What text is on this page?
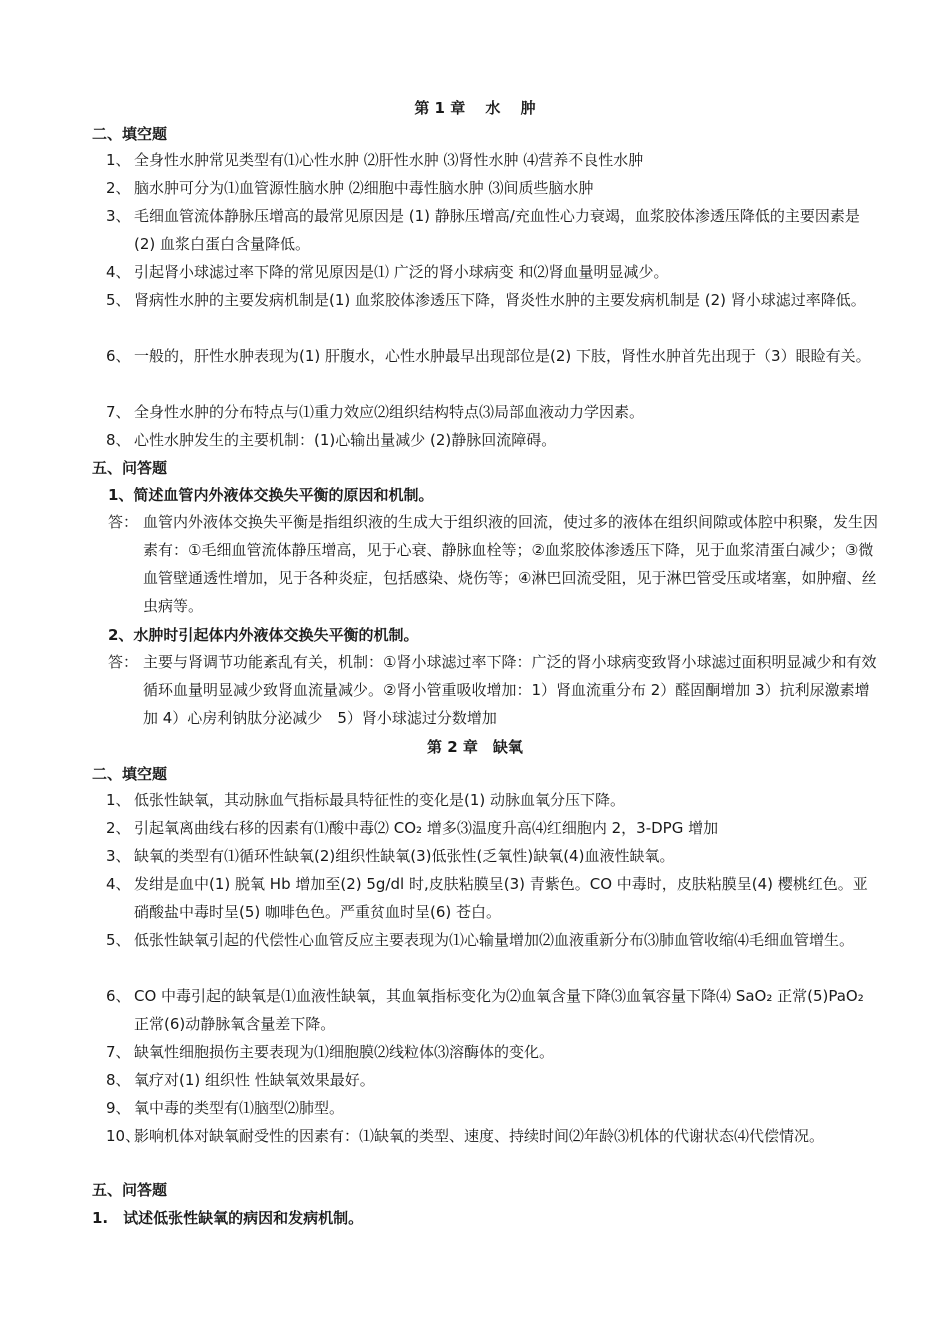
第 1 章　 水　 肿
二、填空题
1、 全身性水肿常见类型有⑴心性水肿 ⑵肝性水肿 ⑶肾性水肿 ⑷营养不良性水肿
2、 脑水肿可分为⑴血管源性脑水肿 ⑵细胞中毒性脑水肿 ⑶间质些脑水肿
3、 毛细血管流体静脉压增高的最常见原因是 (1) 静脉压增高/充血性心力衰竭，血浆胶体渗透压降低的主要因素是(2) 血浆白蛋白含量降低。
4、 引起肾小球滤过率下降的常见原因是⑴ 广泛的肾小球病变 和⑵肾血量明显减少。
5、 肾病性水肿的主要发病机制是(1) 血浆胶体渗透压下降，肾炎性水肿的主要发病机制是 (2) 肾小球滤过率降低。
6、 一般的，肝性水肿表现为(1) 肝腹水，心性水肿最早出现部位是(2) 下肢，肾性水肿首先出现于（3）眼睑有关。
7、 全身性水肿的分布特点与⑴重力效应⑵组织结构特点⑶局部血液动力学因素。
8、 心性水肿发生的主要机制：(1)心输出量减少 (2)静脉回流障碍。
五、问答题
1、简述血管内外液体交换失平衡的原因和机制。
答： 血管内外液体交换失平衡是指组织液的生成大于组织液的回流，使过多的液体在组织间隙或体腔中积聚，发生因素有：①毛细血管流体静压增高，见于心衰、静脉血栓等；②血浆胶体渗透压下降，见于血浆清蛋白减少；③微血管壁通透性增加，见于各种炎症，包括感染、烧伤等；④淋巴回流受阻，见于淋巴管受压或堵塞，如肿瘤、丝虫病等。
2、水肿时引起体内外液体交换失平衡的机制。
答： 主要与肾调节功能紊乱有关，机制：①肾小球滤过率下降：广泛的肾小球病变致肾小球滤过面积明显减少和有效循环血量明显减少致肾血流量减少。②肾小管重吸收增加：1）肾血流重分布 2）醛固酮增加 3）抗利尿激素增加 4）心房利钠肽分泌减少　5）肾小球滤过分数增加
第 2 章　缺氧
二、填空题
1、 低张性缺氧，其动脉血气指标最具特征性的变化是(1) 动脉血氧分压下降。
2、 引起氧离曲线右移的因素有⑴酸中毒⑵ CO₂ 增多⑶温度升高⑷红细胞内 2，3-DPG 增加
3、 缺氧的类型有⑴循环性缺氧(2)组织性缺氧(3)低张性(乏氧性)缺氧(4)血液性缺氧。
4、 发绀是血中(1) 脱氧 Hb 增加至(2) 5g/dl 时,皮肤粘膜呈(3) 青紫色。CO 中毒时，皮肤粘膜呈(4) 樱桃红色。亚硝酸盐中毒时呈(5) 咖啡色色。严重贫血时呈(6) 苍白。
5、 低张性缺氧引起的代偿性心血管反应主要表现为⑴心输量增加⑵血液重新分布⑶肺血管收缩⑷毛细血管增生。
6、 CO 中毒引起的缺氧是⑴血液性缺氧，其血氧指标变化为⑵血氧含量下降⑶血氧容量下降⑷ SaO₂ 正常(5)PaO₂ 正常(6)动静脉氧含量差下降。
7、 缺氧性细胞损伤主要表现为⑴细胞膜⑵线粒体⑶溶酶体的变化。
8、 氧疗对(1) 组织性 性缺氧效果最好。
9、 氧中毒的类型有⑴脑型⑵肺型。
10、
影响机体对缺氧耐受性的因素有：⑴缺氧的类型、速度、持续时间⑵年龄⑶机体的代谢状态⑷代偿情况。
五、问答题
1.　试述低张性缺氧的病因和发病机制。
